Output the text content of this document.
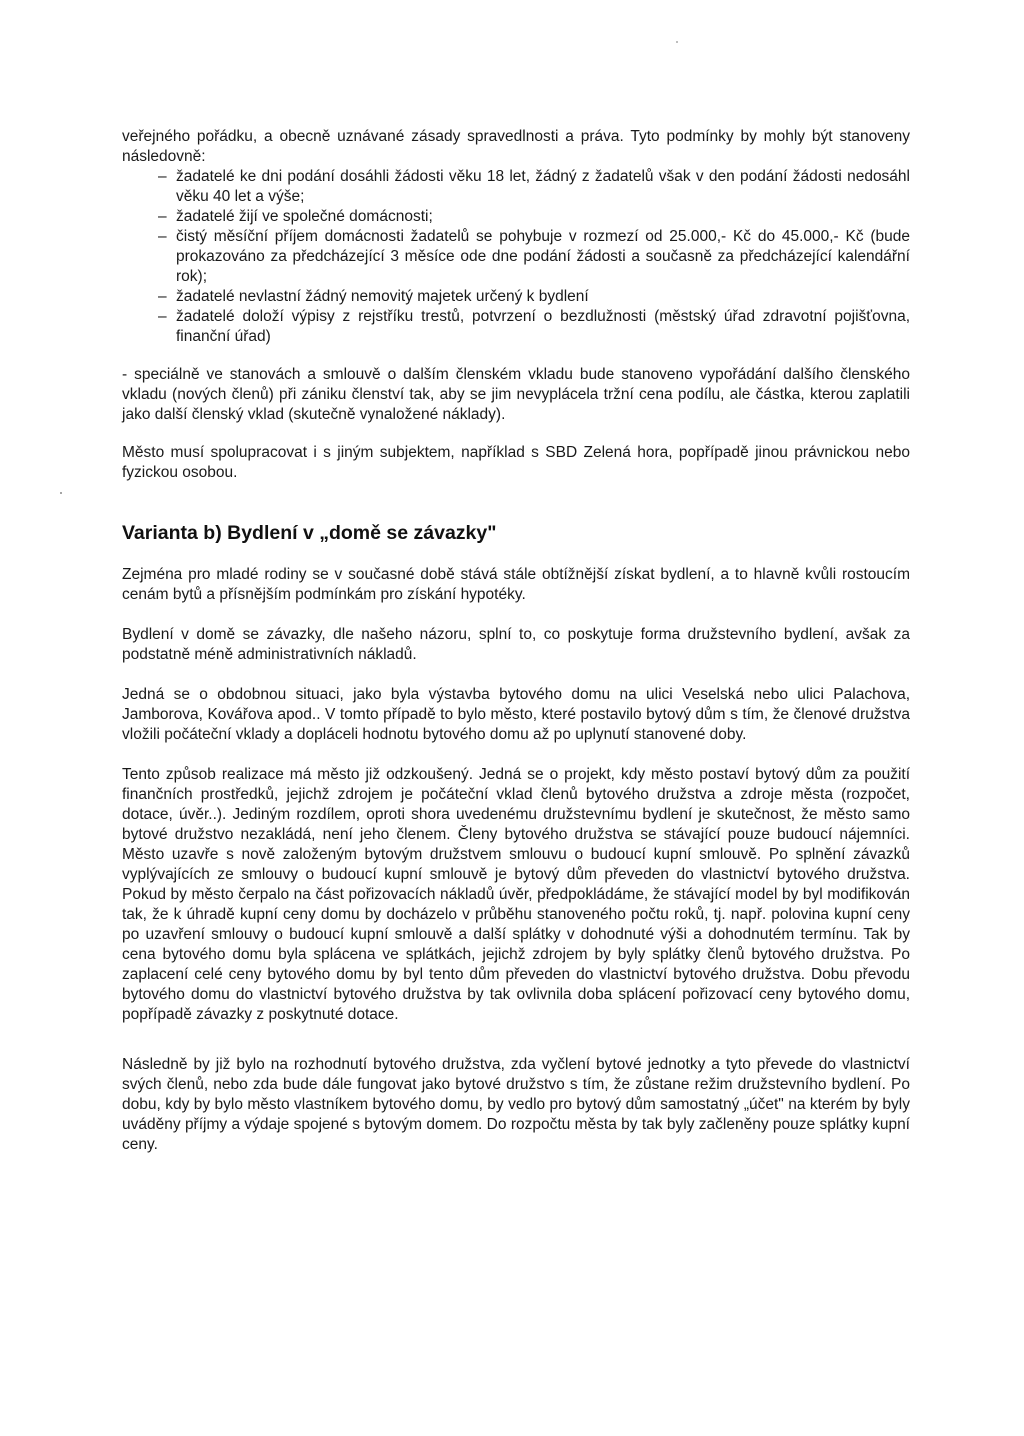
veřejného pořádku, a obecně uznávané zásady spravedlnosti a práva. Tyto podmínky by mohly být stanoveny následovně:

– žadatelé ke dni podání dosáhli žádosti věku 18 let, žádný z žadatelů však v den podání žádosti nedosáhl věku 40 let a výše;
– žadatelé žijí ve společné domácnosti;
– čistý měsíční příjem domácnosti žadatelů se pohybuje v rozmezí od 25.000,- Kč do 45.000,- Kč (bude prokazováno za předcházející 3 měsíce ode dne podání žádosti a současně za předcházející kalendářní rok);
– žadatelé nevlastní žádný nemovitý majetek určený k bydlení
– žadatelé doloží výpisy z rejstříku trestů, potvrzení o bezdlužnosti (městský úřad zdravotní pojišťovna, finanční úřad)

- speciálně ve stanovách a smlouvě o dalším členském vkladu bude stanoveno vypořádání dalšího členského vkladu (nových členů) při zániku členství tak, aby se jim nevyplácela tržní cena podílu, ale částka, kterou zaplatili jako další členský vklad (skutečně vynaložené náklady).

Město musí spolupracovat i s jiným subjektem, například s SBD Zelená hora, popřípadě jinou právnickou nebo fyzickou osobou.

Varianta b) Bydlení v „domě se závazky"

Zejména pro mladé rodiny se v současné době stává stále obtížnější získat bydlení, a to hlavně kvůli rostoucím cenám bytů a přísnějším podmínkám pro získání hypotéky.

Bydlení v domě se závazky, dle našeho názoru, splní to, co poskytuje forma družstevního bydlení, avšak za podstatně méně administrativních nákladů.

Jedná se o obdobnou situaci, jako byla výstavba bytového domu na ulici Veselská nebo ulici Palachova, Jamborova, Kovářova apod.. V tomto případě to bylo město, které postavilo bytový dům s tím, že členové družstva vložili počáteční vklady a dopláceli hodnotu bytového domu až po uplynutí stanovené doby.

Tento způsob realizace má město již odzkoušený. Jedná se o projekt, kdy město postaví bytový dům za použití finančních prostředků, jejichž zdrojem je počáteční vklad členů bytového družstva a zdroje města (rozpočet, dotace, úvěr..). Jediným rozdílem, oproti shora uvedenému družstevnímu bydlení je skutečnost, že město samo bytové družstvo nezakládá, není jeho členem. Členy bytového družstva se stávající pouze budoucí nájemníci. Město uzavře s nově založeným bytovým družstvem smlouvu o budoucí kupní smlouvě. Po splnění závazků vyplývajících ze smlouvy o budoucí kupní smlouvě je bytový dům převeden do vlastnictví bytového družstva. Pokud by město čerpalo na část pořizovacích nákladů úvěr, předpokládáme, že stávající model by byl modifikován tak, že k úhradě kupní ceny domu by docházelo v průběhu stanoveného počtu roků, tj. např. polovina kupní ceny po uzavření smlouvy o budoucí kupní smlouvě a další splátky v dohodnuté výši a dohodnutém termínu. Tak by cena bytového domu byla splácena ve splátkách, jejichž zdrojem by byly splátky členů bytového družstva. Po zaplacení celé ceny bytového domu by byl tento dům převeden do vlastnictví bytového družstva. Dobu převodu bytového domu do vlastnictví bytového družstva by tak ovlivnila doba splácení pořizovací ceny bytového domu, popřípadě závazky z poskytnuté dotace.

Následně by již bylo na rozhodnutí bytového družstva, zda vyčlení bytové jednotky a tyto převede do vlastnictví svých členů, nebo zda bude dále fungovat jako bytové družstvo s tím, že zůstane režim družstevního bydlení. Po dobu, kdy by bylo město vlastníkem bytového domu, by vedlo pro bytový dům samostatný „účet" na kterém by byly uváděny příjmy a výdaje spojené s bytovým domem. Do rozpočtu města by tak byly začleněny pouze splátky kupní ceny.
